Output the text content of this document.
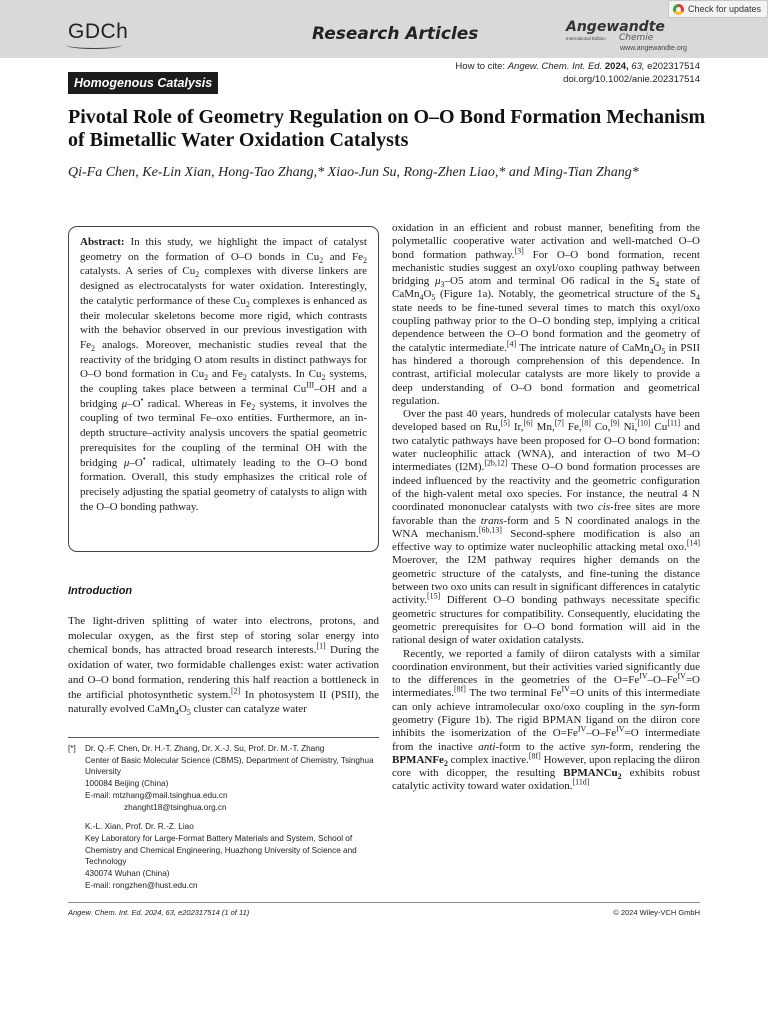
GDCh	Research Articles	Angewandte
International Edition Chemie
www.angewandte.org
Check for updates
Homogenous Catalysis
How to cite: Angew. Chem. Int. Ed. 2024, 63, e202317514
doi.org/10.1002/anie.202317514
Pivotal Role of Geometry Regulation on O–O Bond Formation Mechanism of Bimetallic Water Oxidation Catalysts
Qi-Fa Chen, Ke-Lin Xian, Hong-Tao Zhang,* Xiao-Jun Su, Rong-Zhen Liao,* and Ming-Tian Zhang*
Abstract: In this study, we highlight the impact of catalyst geometry on the formation of O–O bonds in $Cu_2$ and $Fe_2$ catalysts. A series of $Cu_2$ complexes with diverse linkers are designed as electrocatalysts for water oxidation. Interestingly, the catalytic performance of these $Cu_2$ complexes is enhanced as their molecular skeletons become more rigid, which contrasts with the behavior observed in our previous investigation with $Fe_2$ analogs. Moreover, mechanistic studies reveal that the reactivity of the bridging O atom results in distinct pathways for O–O bond formation in $Cu_2$ and $Fe_2$ catalysts. In $Cu_2$ systems, the coupling takes place between a terminal $Cu^{III}-OH$ and a bridging μ–O• radical. Whereas in $Fe_2$ systems, it involves the coupling of two terminal Fe–oxo entities. Furthermore, an in-depth structure–activity analysis uncovers the spatial geometric prerequisites for the coupling of the terminal OH with the bridging μ–O• radical, ultimately leading to the O–O bond formation. Overall, this study emphasizes the critical role of precisely adjusting the spatial geometry of catalysts to align with the O–O bonding pathway.
Introduction
The light-driven splitting of water into electrons, protons, and molecular oxygen, as the first step of storing solar energy into chemical bonds, has attracted broad research interests.[1] During the oxidation of water, two formidable challenges exist: water activation and O–O bond formation, rendering this half reaction a bottleneck in the artificial photosynthetic system.[2] In photosystem II (PSII), the naturally evolved $CaMn_4O_5$ cluster can catalyze water

oxidation in an efficient and robust manner, benefiting from the polymetallic cooperative water activation and well-matched O–O bond formation pathway.[3] For O–O bond formation, recent mechanistic studies suggest an oxyl/oxo coupling pathway between bridging $\mu_3-O5$ atom and terminal O6 radical in the $S_4$ state of $CaMn_4O_5$ (Figure 1a). Notably, the geometrical structure of the $S_4$ state needs to be fine-tuned several times to match this oxyl/oxo coupling pathway prior to the O–O bonding step, implying a critical dependence between the O–O bond formation and the geometry of the catalytic intermediate.[4] The intricate nature of $CaMn_4O_5$ in PSII has hindered a thorough comprehension of this dependence. In contrast, artificial molecular catalysts are more likely to provide a deep understanding of O–O bond formation and geometrical regulation.

Over the past 40 years, hundreds of molecular catalysts have been developed based on Ru,[5] Ir,[6] Mn,[7] Fe,[8] Co,[9] Ni,[10] Cu[11] and two catalytic pathways have been proposed for O–O bond formation: water nucleophilic attack (WNA), and interaction of two M–O intermediates (I2M).[2b,12] These O–O bond formation processes are indeed influenced by the reactivity and the geometric configuration of the high-valent metal oxo species. For instance, the neutral 4 N coordinated mononuclear catalysts with two cis-free sites are more favorable than the trans-form and 5 N coordinated analogs in the WNA mechanism.[6b,13] Second-sphere modification is also an effective way to optimize water nucleophilic attacking metal oxo.[14] Moerover, the I2M pathway requires higher demands on the geometric structure of the catalysts, and fine-tuning the distance between two oxo units can result in significant differences in catalytic activity.[15] Different O–O bonding pathways necessitate specific geometric structures for compatibility. Consequently, elucidating the geometric prerequisites for O–O bond formation will aid in the rational design of water oxidation catalysts.

Recently, we reported a family of diiron catalysts with a similar coordination environment, but their activities varied significantly due to the differences in the geometries of the $O=Fe^{IV}-O-Fe^{IV}=O$ intermediates.[8f] The two terminal $Fe^{IV}=O$ units of this intermediate can only achieve intramolecular oxo/oxo coupling in the syn-form geometry (Figure 1b). The rigid BPMAN ligand on the diiron core inhibits the isomerization of the $O=Fe^{IV}-O-Fe^{IV}=O$ intermediate from the inactive anti-form to the active syn-form, rendering the BPMANFe$_2$ complex inactive.[8f] However, upon replacing the diiron core with dicopper, the resulting BPMANCu$_2$ exhibits robust catalytic activity toward water oxidation.[11d]

[*]	Dr. Q.-F. Chen, Dr. H.-T. Zhang, Dr. X.-J. Su, Prof. Dr. M.-T. Zhang
Center of Basic Molecular Science (CBMS), Department of Chemistry, Tsinghua University
100084 Beijing (China)
E-mail: mtzhang@mail.tsinghua.edu.cn
zhanght18@tsinghua.org.cn
K.-L. Xian, Prof. Dr. R.-Z. Liao
Key Laboratory for Large-Format Battery Materials and System, School of Chemistry and Chemical Engineering, Huazhong University of Science and Technology
430074 Wuhan (China)
E-mail: rongzhen@hust.edu.cn
Angew. Chem. Int. Ed. 2024, 63, e202317514 (1 of 11)	© 2024 Wiley-VCH GmbH
